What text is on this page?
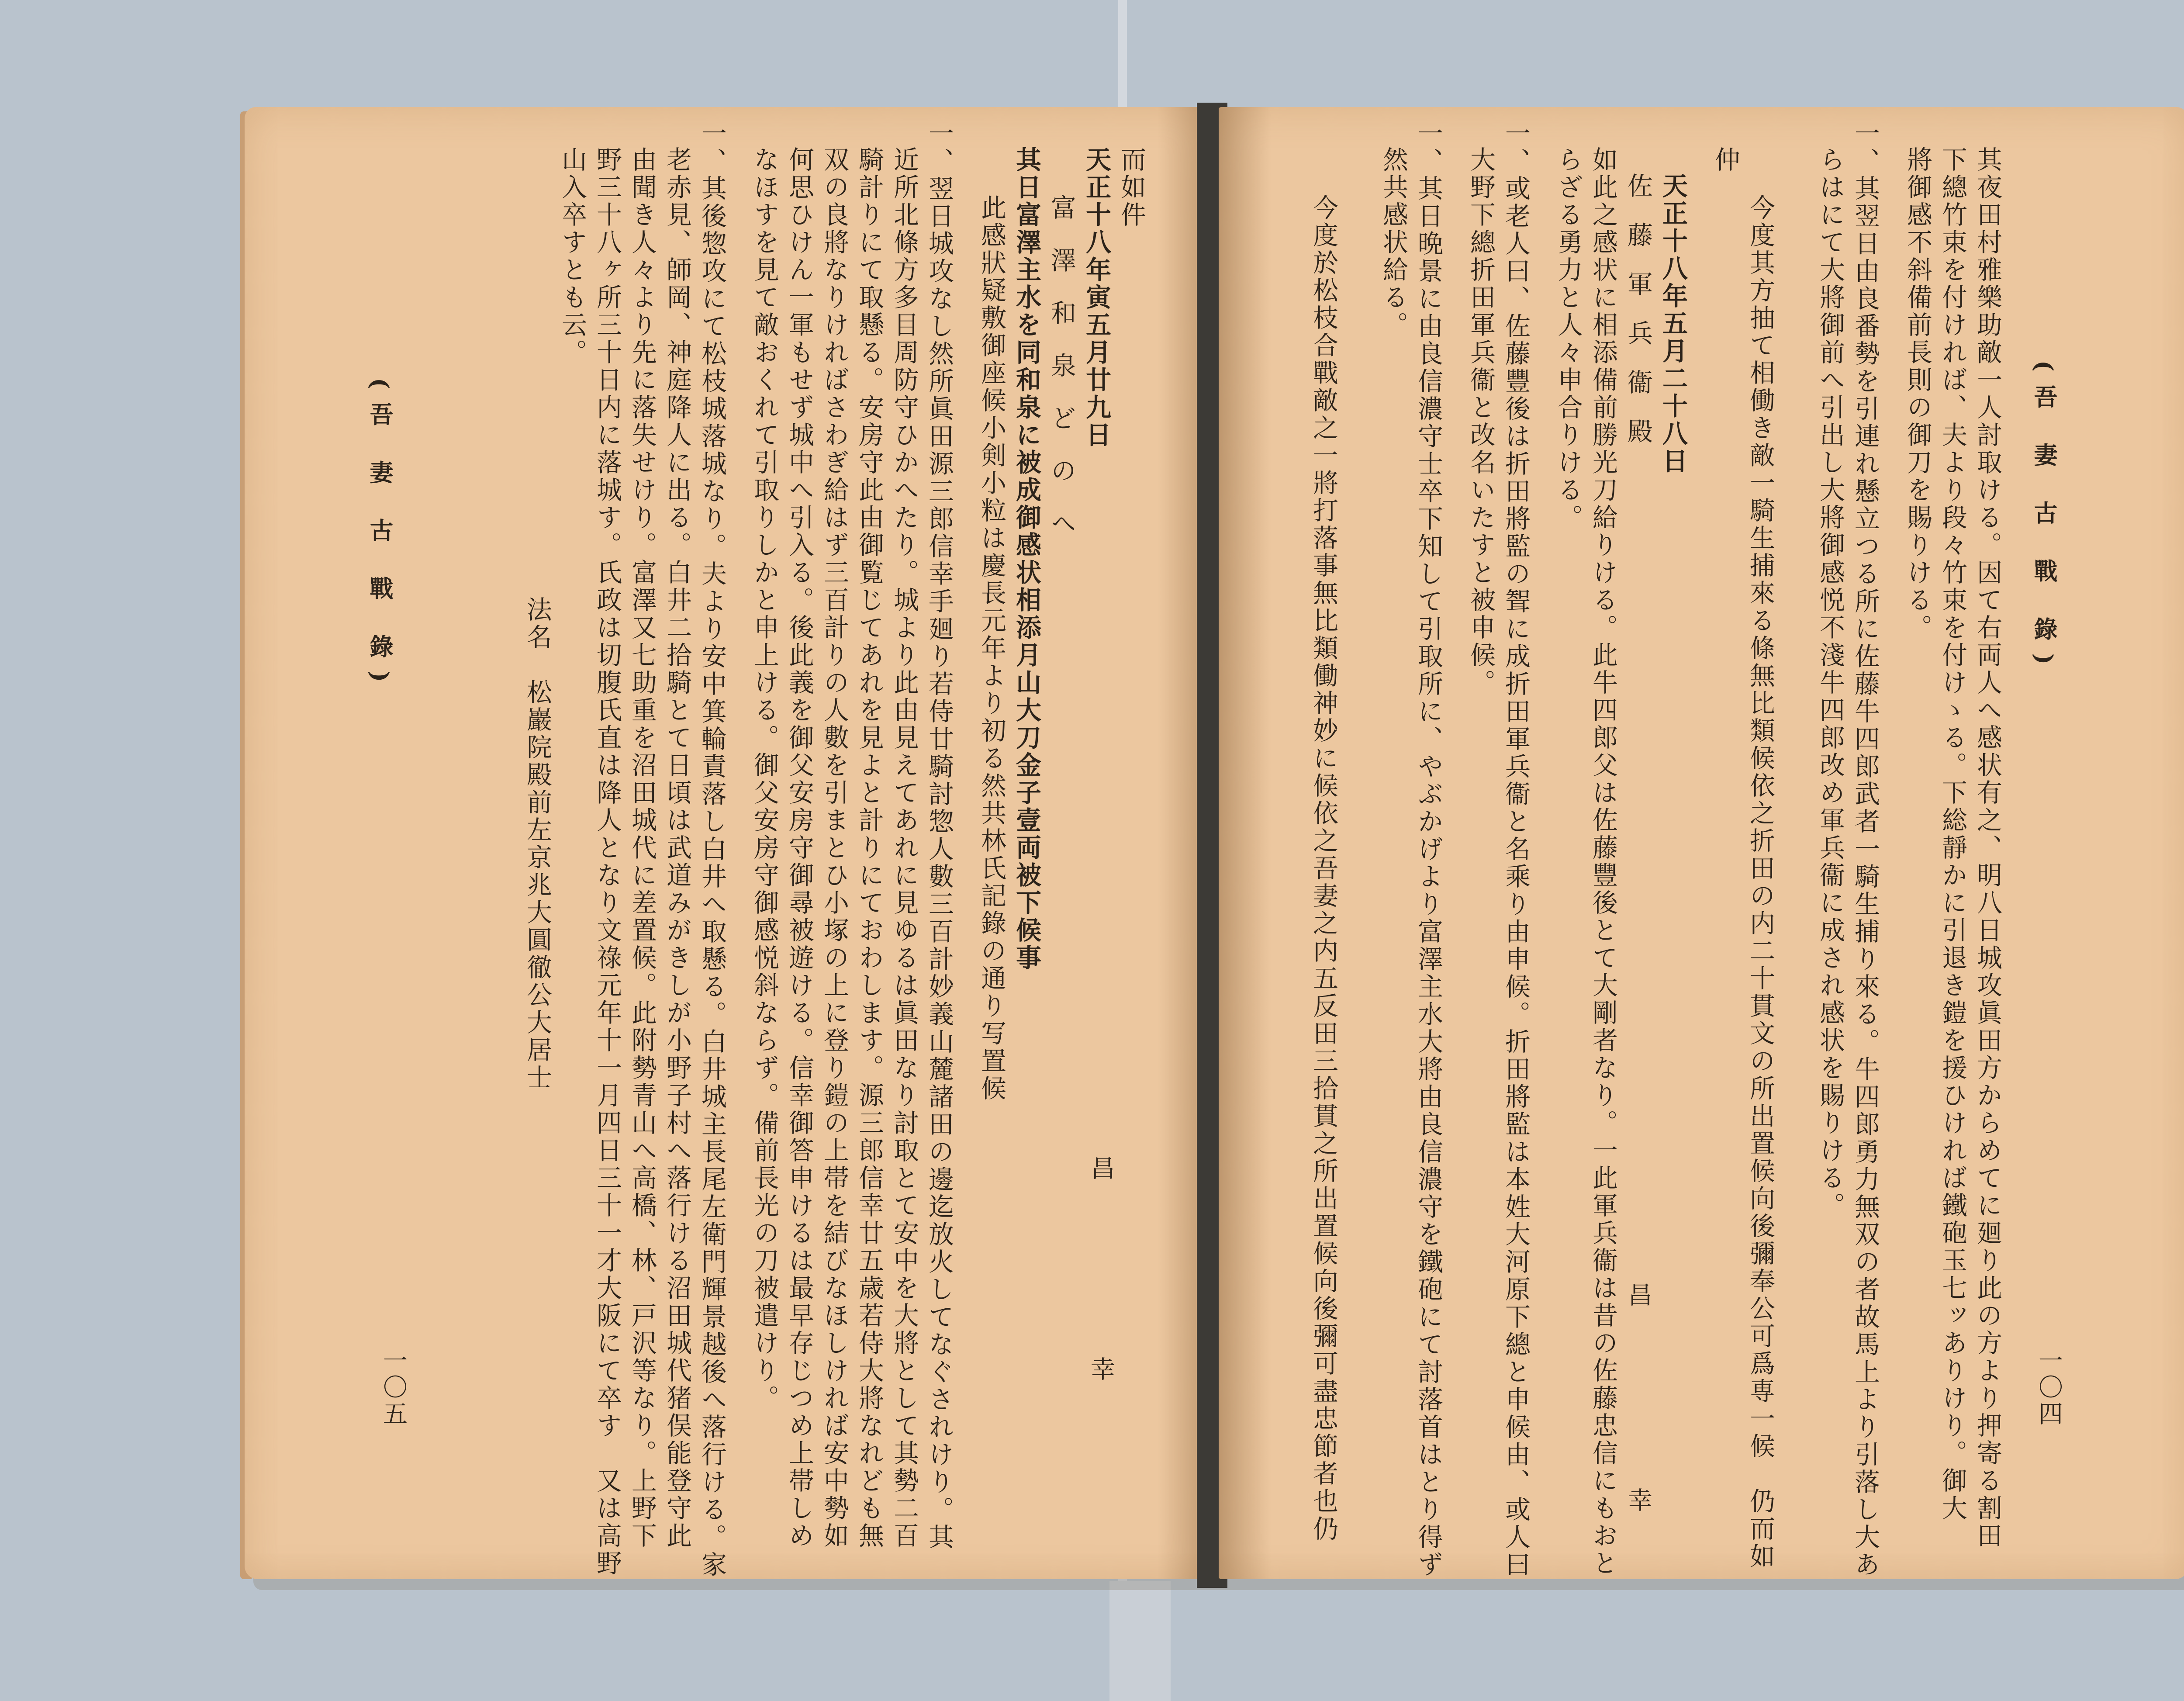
而如件
天正十八年寅五月廿九日
富 澤 和 泉 ど の へ
其日富澤主水を同和泉に被成御感状相添月山大刀金子壹両被下候事
此感狀疑敷御座候小剣小粒は慶長元年より初る然共林氏記錄の通り写置候
一、翌日城攻なし然所眞田源三郎信幸手廻り若侍廿騎討惣人數三百計妙義山麓諸田の邊迄放火してなぐされけり。其
近所北條方多目周防守ひかへたり。城より此由見えてあれに見ゆるは眞田なり討取とて安中を大將として其勢二百
騎計りにて取懸る。安房守此由御覧じてあれを見よと計りにておわします。源三郎信幸廿五歳若侍大將なれども無
双の良將なりければさわぎ給はず三百計りの人數を引まとひ小塚の上に登り鎧の上帯を結びなほしければ安中勢如
何思ひけん一軍もせず城中へ引入る。後此義を御父安房守御尋被遊ける。信幸御答申けるは最早存じつめ上帯しめ
なほすを見て敵おくれて引取りしかと申上ける。御父安房守御感悦斜ならず。備前長光の刀被遣けり。
一、其後惣攻にて松枝城落城なり。夫より安中箕輪責落し白井へ取懸る。白井城主長尾左衛門輝景越後へ落行ける。家
老赤見、師岡、神庭降人に出る。白井二拾騎とて日頃は武道みがきしが小野子村へ落行ける沼田城代猪俣能登守此
由聞き人々より先に落失せけり。富澤又七助重を沼田城代に差置候。此附勢青山へ高橋、林、戸沢等なり。上野下
野三十八ヶ所三十日内に落城す。氏政は切腹氏直は降人となり文祿元年十一月四日三十一才大阪にて卒す　又は高野
山入卒すとも云。
法名　松巖院殿前左京兆大圓徹公大居士
(吾 妻 古 戰 錄)
一〇五
昌
幸
(吾 妻 古 戰 錄)
一〇四
其夜田村雅樂助敵一人討取ける。因て右両人へ感状有之、明八日城攻眞田方からめてに廻り此の方より押寄る割田
下總竹束を付ければ、夫より段々竹束を付けゝる。下総靜かに引退き鎧を援ひければ鐵砲玉七ッありけり。御大
將御感不斜備前長則の御刀を賜りける。
一、其翌日由良番勢を引連れ懸立つる所に佐藤牛四郎武者一騎生捕り來る。牛四郎勇力無双の者故馬上より引落し大あ
らはにて大將御前へ引出し大將御感悦不淺牛四郎改め軍兵衞に成され感状を賜りける。
今度其方抽て相働き敵一騎生捕來る條無比類候依之折田の内二十貫文の所出置候向後彌奉公可爲専一候　仍而如
仲
天正十八年五月二十八日
佐 藤 軍 兵 衞 殿
如此之感状に相添備前勝光刀給りける。此牛四郎父は佐藤豐後とて大剛者なり。一此軍兵衞は昔の佐藤忠信にもおと
らざる勇力と人々申合りける。
一、或老人曰、佐藤豐後は折田將監の聟に成折田軍兵衞と名乘り由申候。折田將監は本姓大河原下總と申候由、或人曰
大野下總折田軍兵衞と改名いたすと被申候。
一、其日晩景に由良信濃守士卒下知して引取所に、やぶかげより富澤主水大將由良信濃守を鐵砲にて討落首はとり得ず
然共感状給る。
今度於松枝合戰敵之一將打落事無比類働神妙に候依之吾妻之内五反田三拾貫之所出置候向後彌可盡忠節者也仍	昌
幸
